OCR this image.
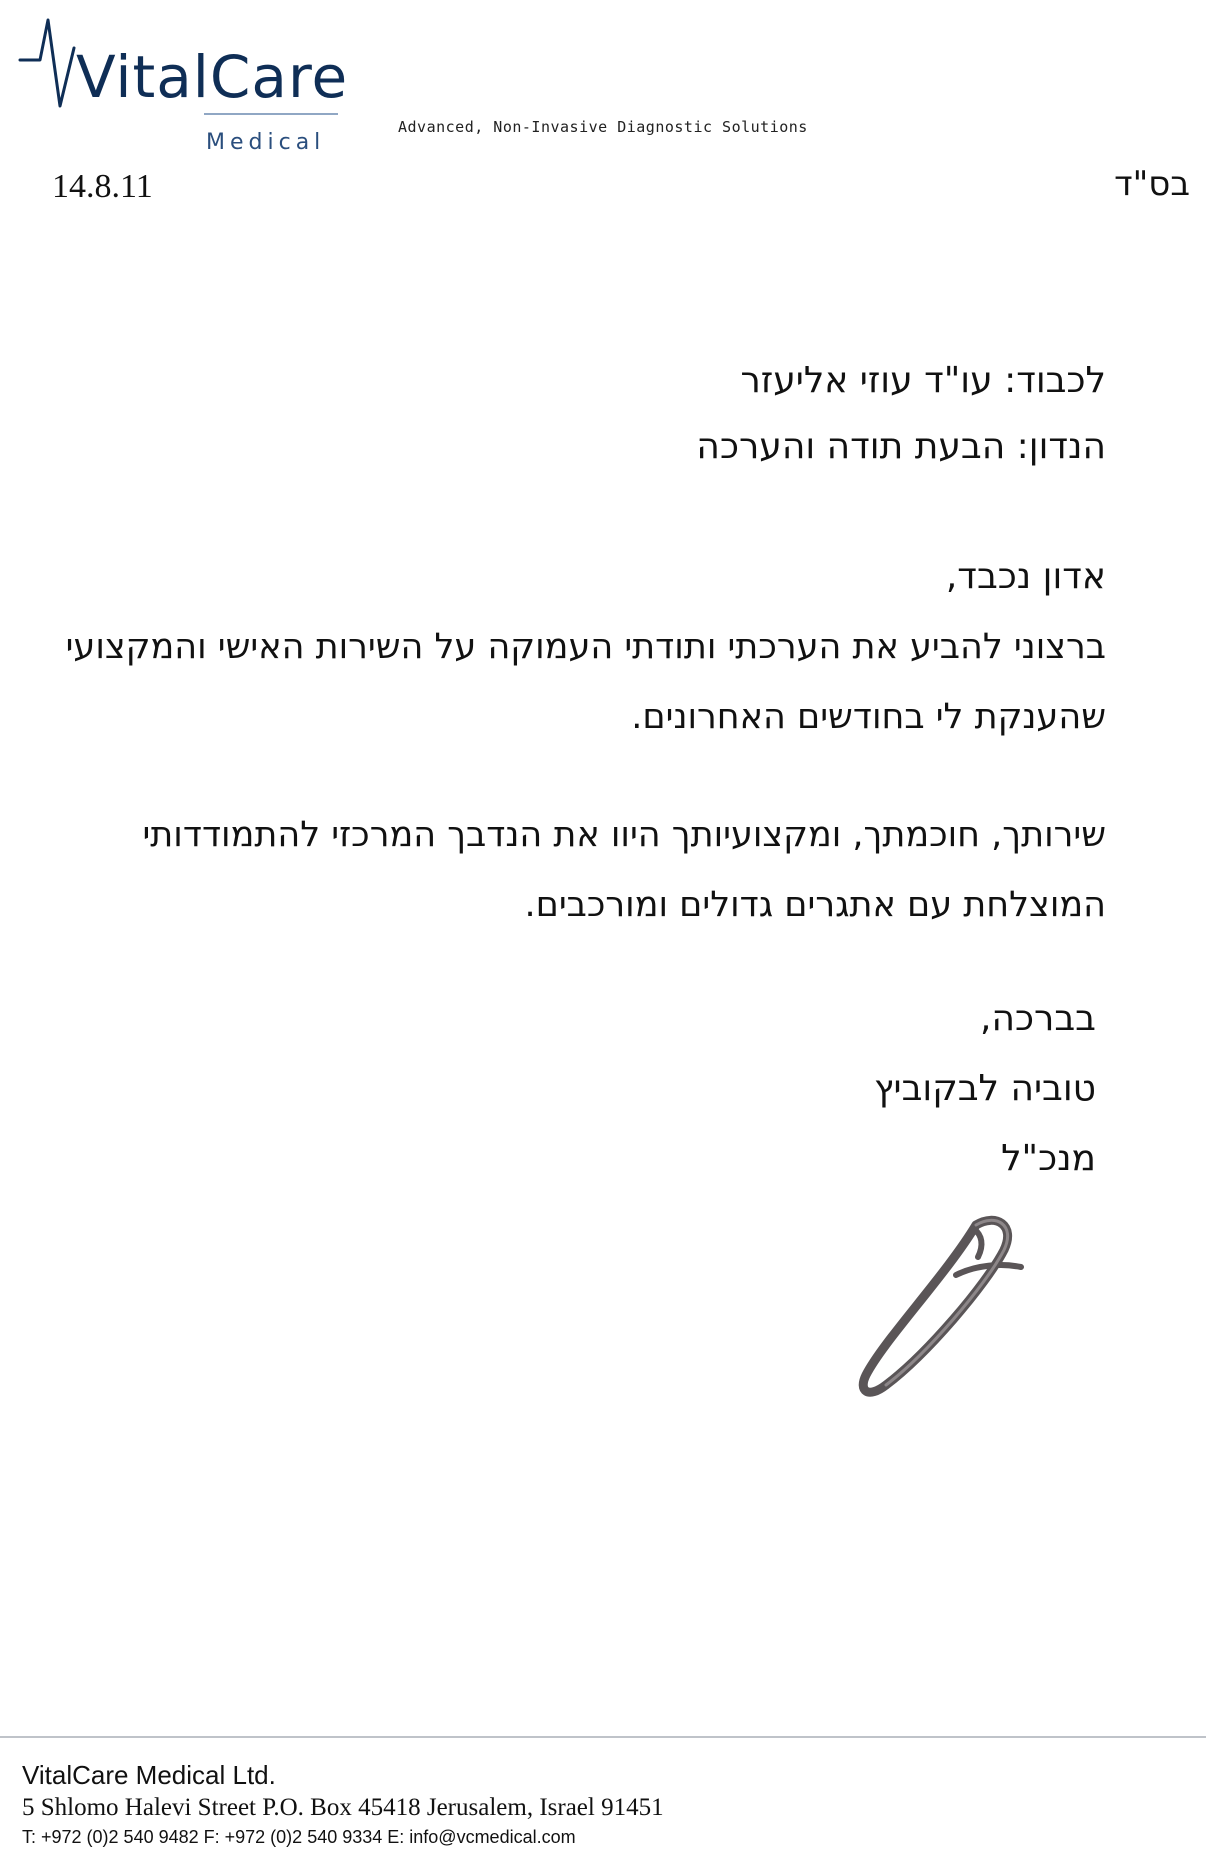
VitalCare
Medical
Advanced, Non-Invasive Diagnostic Solutions
14.8.11	בס"ד
לכבוד: עו"ד עוזי אליעזר
הנדון: הבעת תודה והערכה
אדון נכבד,
ברצוני להביע את הערכתי ותודתי העמוקה על השירות האישי והמקצועי שהענקת לי בחודשים האחרונים.
שירותך, חוכמתך, ומקצועיותך היוו את הנדבך המרכזי להתמודדותי המוצלחת עם אתגרים גדולים ומורכבים.
בברכה,
טוביה לבקוביץ
מנכ"ל
VitalCare Medical Ltd.
5 Shlomo Halevi Street P.O. Box 45418 Jerusalem, Israel 91451
T: +972 (0)2 540 9482 F: +972 (0)2 540 9334 E: info@vcmedical.com
